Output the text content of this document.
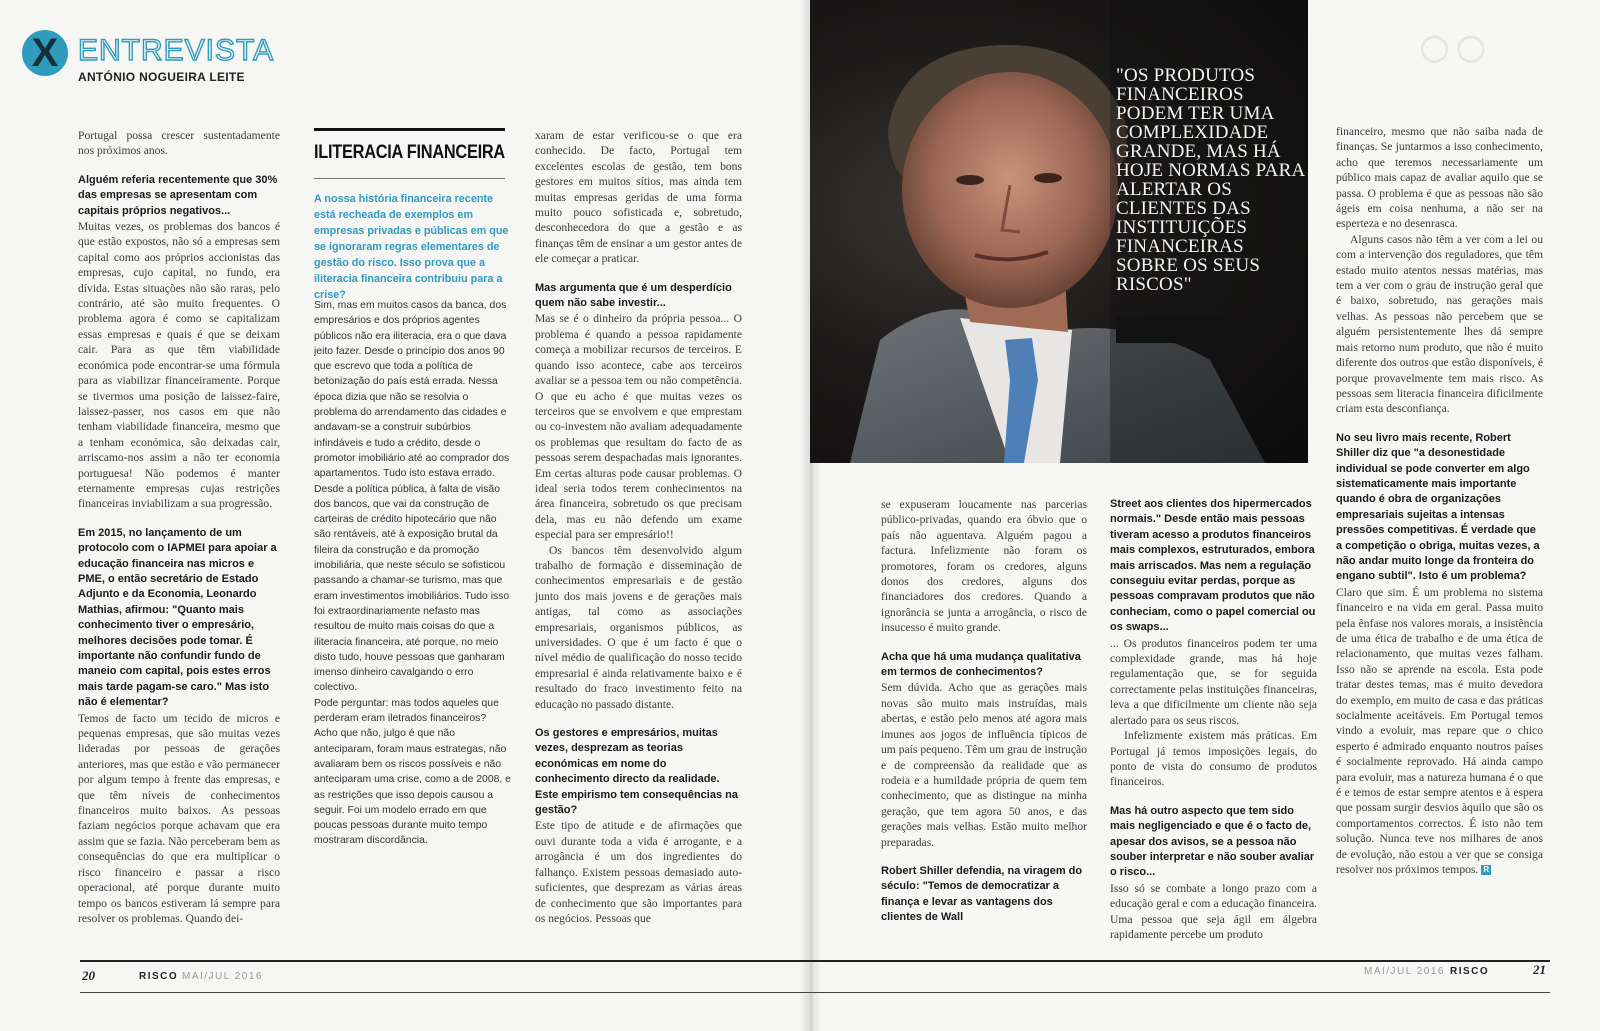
◯ ◯
X ENTREVISTA
ANTÓNIO NOGUEIRA LEITE

Portugal possa crescer sustentadamente nos próximos anos.

Alguém referia recentemente que 30% das empresas se apresentam com capitais próprios negativos...

Muitas vezes, os problemas dos bancos é que estão expostos, não só a empresas sem capital como aos próprios accionistas das empresas, cujo capital, no fundo, era dívida. Estas situações não são raras, pelo contrário, até são muito frequentes. O problema agora é como se capitalizam essas empresas e quais é que se deixam cair. Para as que têm viabilidade económica pode encontrar-se uma fórmula para as viabilizar financeiramente. Porque se tivermos uma posição de laissez-faire, laissez-passer, nos casos em que não tenham viabilidade financeira, mesmo que a tenham económica, são deixadas cair, arriscamo-nos assim a não ter economia portuguesa! Não podemos é manter eternamente empresas cujas restrições financeiras inviabilizam a sua progressão.

Em 2015, no lançamento de um protocolo com o IAPMEI para apoiar a educação financeira nas micros e PME, o então secretário de Estado Adjunto e da Economia, Leonardo Mathias, afirmou: "Quanto mais conhecimento tiver o empresário, melhores decisões pode tomar. É importante não confundir fundo de maneio com capital, pois estes erros mais tarde pagam-se caro." Mas isto não é elementar?

Temos de facto um tecido de micros e pequenas empresas, que são muitas vezes lideradas por pessoas de gerações anteriores, mas que estão e vão permanecer por algum tempo à frente das empresas, e que têm níveis de conhecimentos financeiros muito baixos. As pessoas faziam negócios porque achavam que era assim que se fazia. Não perceberam bem as consequências do que era multiplicar o risco financeiro e passar a risco operacional, até porque durante muito tempo os bancos estiveram lá sempre para resolver os problemas. Quando dei-

ILITERACIA FINANCEIRA
A nossa história financeira recente está recheada de exemplos em empresas privadas e públicas em que se ignoraram regras elementares de gestão do risco. Isso prova que a iliteracia financeira contribuiu para a crise?

Sim, mas em muitos casos da banca, dos empresários e dos próprios agentes públicos não era iliteracia, era o que dava jeito fazer. Desde o princípio dos anos 90 que escrevo que toda a política de betonização do país está errada. Nessa época dizia que não se resolvia o problema do arrendamento das cidades e andavam-se a construir subúrbios infindáveis e tudo a crédito, desde o promotor imobiliário até ao comprador dos apartamentos. Tudo isto estava errado. Desde a política pública, à falta de visão dos bancos, que vai da construção de carteiras de crédito hipotecário que não são rentáveis, até à exposição brutal da fileira da construção e da promoção imobiliária, que neste século se sofisticou passando a chamar-se turismo, mas que eram investimentos imobiliários. Tudo isso foi extraordinariamente nefasto mas resultou de muito mais coisas do que a iliteracia financeira, até porque, no meio disto tudo, houve pessoas que ganharam imenso dinheiro cavalgando o erro colectivo.

Pode perguntar: mas todos aqueles que perderam eram iletrados financeiros? Acho que não, julgo é que não anteciparam, foram maus estrategas, não avaliaram bem os riscos possíveis e não anteciparam uma crise, como a de 2008, e as restrições que isso depois causou a seguir. Foi um modelo errado em que poucas pessoas durante muito tempo mostraram discordância.

xaram de estar verificou-se o que era conhecido. De facto, Portugal tem excelentes escolas de gestão, tem bons gestores em muitos sítios, mas ainda tem muitas empresas geridas de uma forma muito pouco sofisticada e, sobretudo, desconhecedora do que a gestão e as finanças têm de ensinar a um gestor antes de ele começar a praticar.

Mas argumenta que é um desperdício quem não sabe investir...

Mas se é o dinheiro da própria pessoa... O problema é quando a pessoa rapidamente começa a mobilizar recursos de terceiros. E quando isso acontece, cabe aos terceiros avaliar se a pessoa tem ou não competência. O que eu acho é que muitas vezes os terceiros que se envolvem e que emprestam ou co-investem não avaliam adequadamente os problemas que resultam do facto de as pessoas serem despachadas mais ignorantes. Em certas alturas pode causar problemas. O ideal seria todos terem conhecimentos na área financeira, sobretudo os que precisam dela, mas eu não defendo um exame especial para ser empresário!!

Os bancos têm desenvolvido algum trabalho de formação e disseminação de conhecimentos empresariais e de gestão junto dos mais jovens e de gerações mais antigas, tal como as associações empresariais, organismos públicos, as universidades. O que é um facto é que o nível médio de qualificação do nosso tecido empresarial é ainda relativamente baixo e é resultado do fraco investimento feito na educação no passado distante.

Os gestores e empresários, muitas vezes, desprezam as teorias económicas em nome do conhecimento directo da realidade. Este empirismo tem consequências na gestão?

Este tipo de atitude e de afirmações que ouvi durante toda a vida é arrogante, e a arrogância é um dos ingredientes do falhanço. Existem pessoas demasiado auto-suficientes, que desprezam as várias áreas de conhecimento que são importantes para os negócios. Pessoas que

20	RISCO MAI/JUL 2016
"OS PRODUTOS FINANCEIROS PODEM TER UMA COMPLEXIDADE GRANDE, MAS HÁ HOJE NORMAS PARA ALERTAR OS CLIENTES DAS INSTITUIÇÕES FINANCEIRAS SOBRE OS SEUS RISCOS"

se expuseram loucamente nas parcerias público-privadas, quando era óbvio que o país não aguentava. Alguém pagou a factura. Infelizmente não foram os promotores, foram os credores, alguns donos dos credores, alguns dos financiadores dos credores. Quando a ignorância se junta a arrogância, o risco de insucesso é muito grande.

Acha que há uma mudança qualitativa em termos de conhecimentos?

Sem dúvida. Acho que as gerações mais novas são muito mais instruídas, mais abertas, e estão pelo menos até agora mais imunes aos jogos de influência típicos de um país pequeno. Têm um grau de instrução e de compreensão da realidade que as rodeia e a humildade própria de quem tem conhecimento, que as distingue na minha geração, que tem agora 50 anos, e das gerações mais velhas. Estão muito melhor preparadas.

Robert Shiller defendia, na viragem do século: "Temos de democratizar a finança e levar as vantagens dos clientes de Wall
Street aos clientes dos hipermercados normais." Desde então mais pessoas tiveram acesso a produtos financeiros mais complexos, estruturados, embora mais arriscados. Mas nem a regulação conseguiu evitar perdas, porque as pessoas compravam produtos que não conheciam, como o papel comercial ou os swaps...

... Os produtos financeiros podem ter uma complexidade grande, mas há hoje regulamentação que, se for seguida correctamente pelas instituições financeiras, leva a que dificilmente um cliente não seja alertado para os seus riscos.

Infelizmente existem más práticas. Em Portugal já temos imposições legais, do ponto de vista do consumo de produtos financeiros.

Mas há outro aspecto que tem sido mais negligenciado e que é o facto de, apesar dos avisos, se a pessoa não souber interpretar e não souber avaliar o risco...

Isso só se combate a longo prazo com a educação geral e com a educação financeira. Uma pessoa que seja ágil em álgebra rapidamente percebe um produto

financeiro, mesmo que não saiba nada de finanças. Se juntarmos a isso conhecimento, acho que teremos necessariamente um público mais capaz de avaliar aquilo que se passa. O problema é que as pessoas não são ágeis em coisa nenhuma, a não ser na esperteza e no desenrasca.

Alguns casos não têm a ver com a lei ou com a intervenção dos reguladores, que têm estado muito atentos nessas matérias, mas tem a ver com o grau de instrução geral que é baixo, sobretudo, nas gerações mais velhas. As pessoas não percebem que se alguém persistentemente lhes dá sempre mais retorno num produto, que não é muito diferente dos outros que estão disponíveis, é porque provavelmente tem mais risco. As pessoas sem literacia financeira dificilmente criam esta desconfiança.

No seu livro mais recente, Robert Shiller diz que "a desonestidade individual se pode converter em algo sistematicamente mais importante quando é obra de organizações empresariais sujeitas a intensas pressões competitivas. É verdade que a competição o obriga, muitas vezes, a não andar muito longe da fronteira do engano subtil". Isto é um problema?

Claro que sim. É um problema no sistema financeiro e na vida em geral. Passa muito pela ênfase nos valores morais, a insistência de uma ética de trabalho e de uma ética de relacionamento, que muitas vezes falham. Isso não se aprende na escola. Esta pode tratar destes temas, mas é muito devedora do exemplo, em muito de casa e das práticas socialmente aceitáveis. Em Portugal temos vindo a evoluir, mas repare que o chico esperto é admirado enquanto noutros países é socialmente reprovado. Há ainda campo para evoluir, mas a natureza humana é o que é e temos de estar sempre atentos e à espera que possam surgir desvios àquilo que são os comportamentos correctos. É isto não tem solução. Nunca teve nos milhares de anos de evolução, não estou a ver que se consiga resolver nos próximos tempos. R

MAI/JUL 2016 RISCO	21
